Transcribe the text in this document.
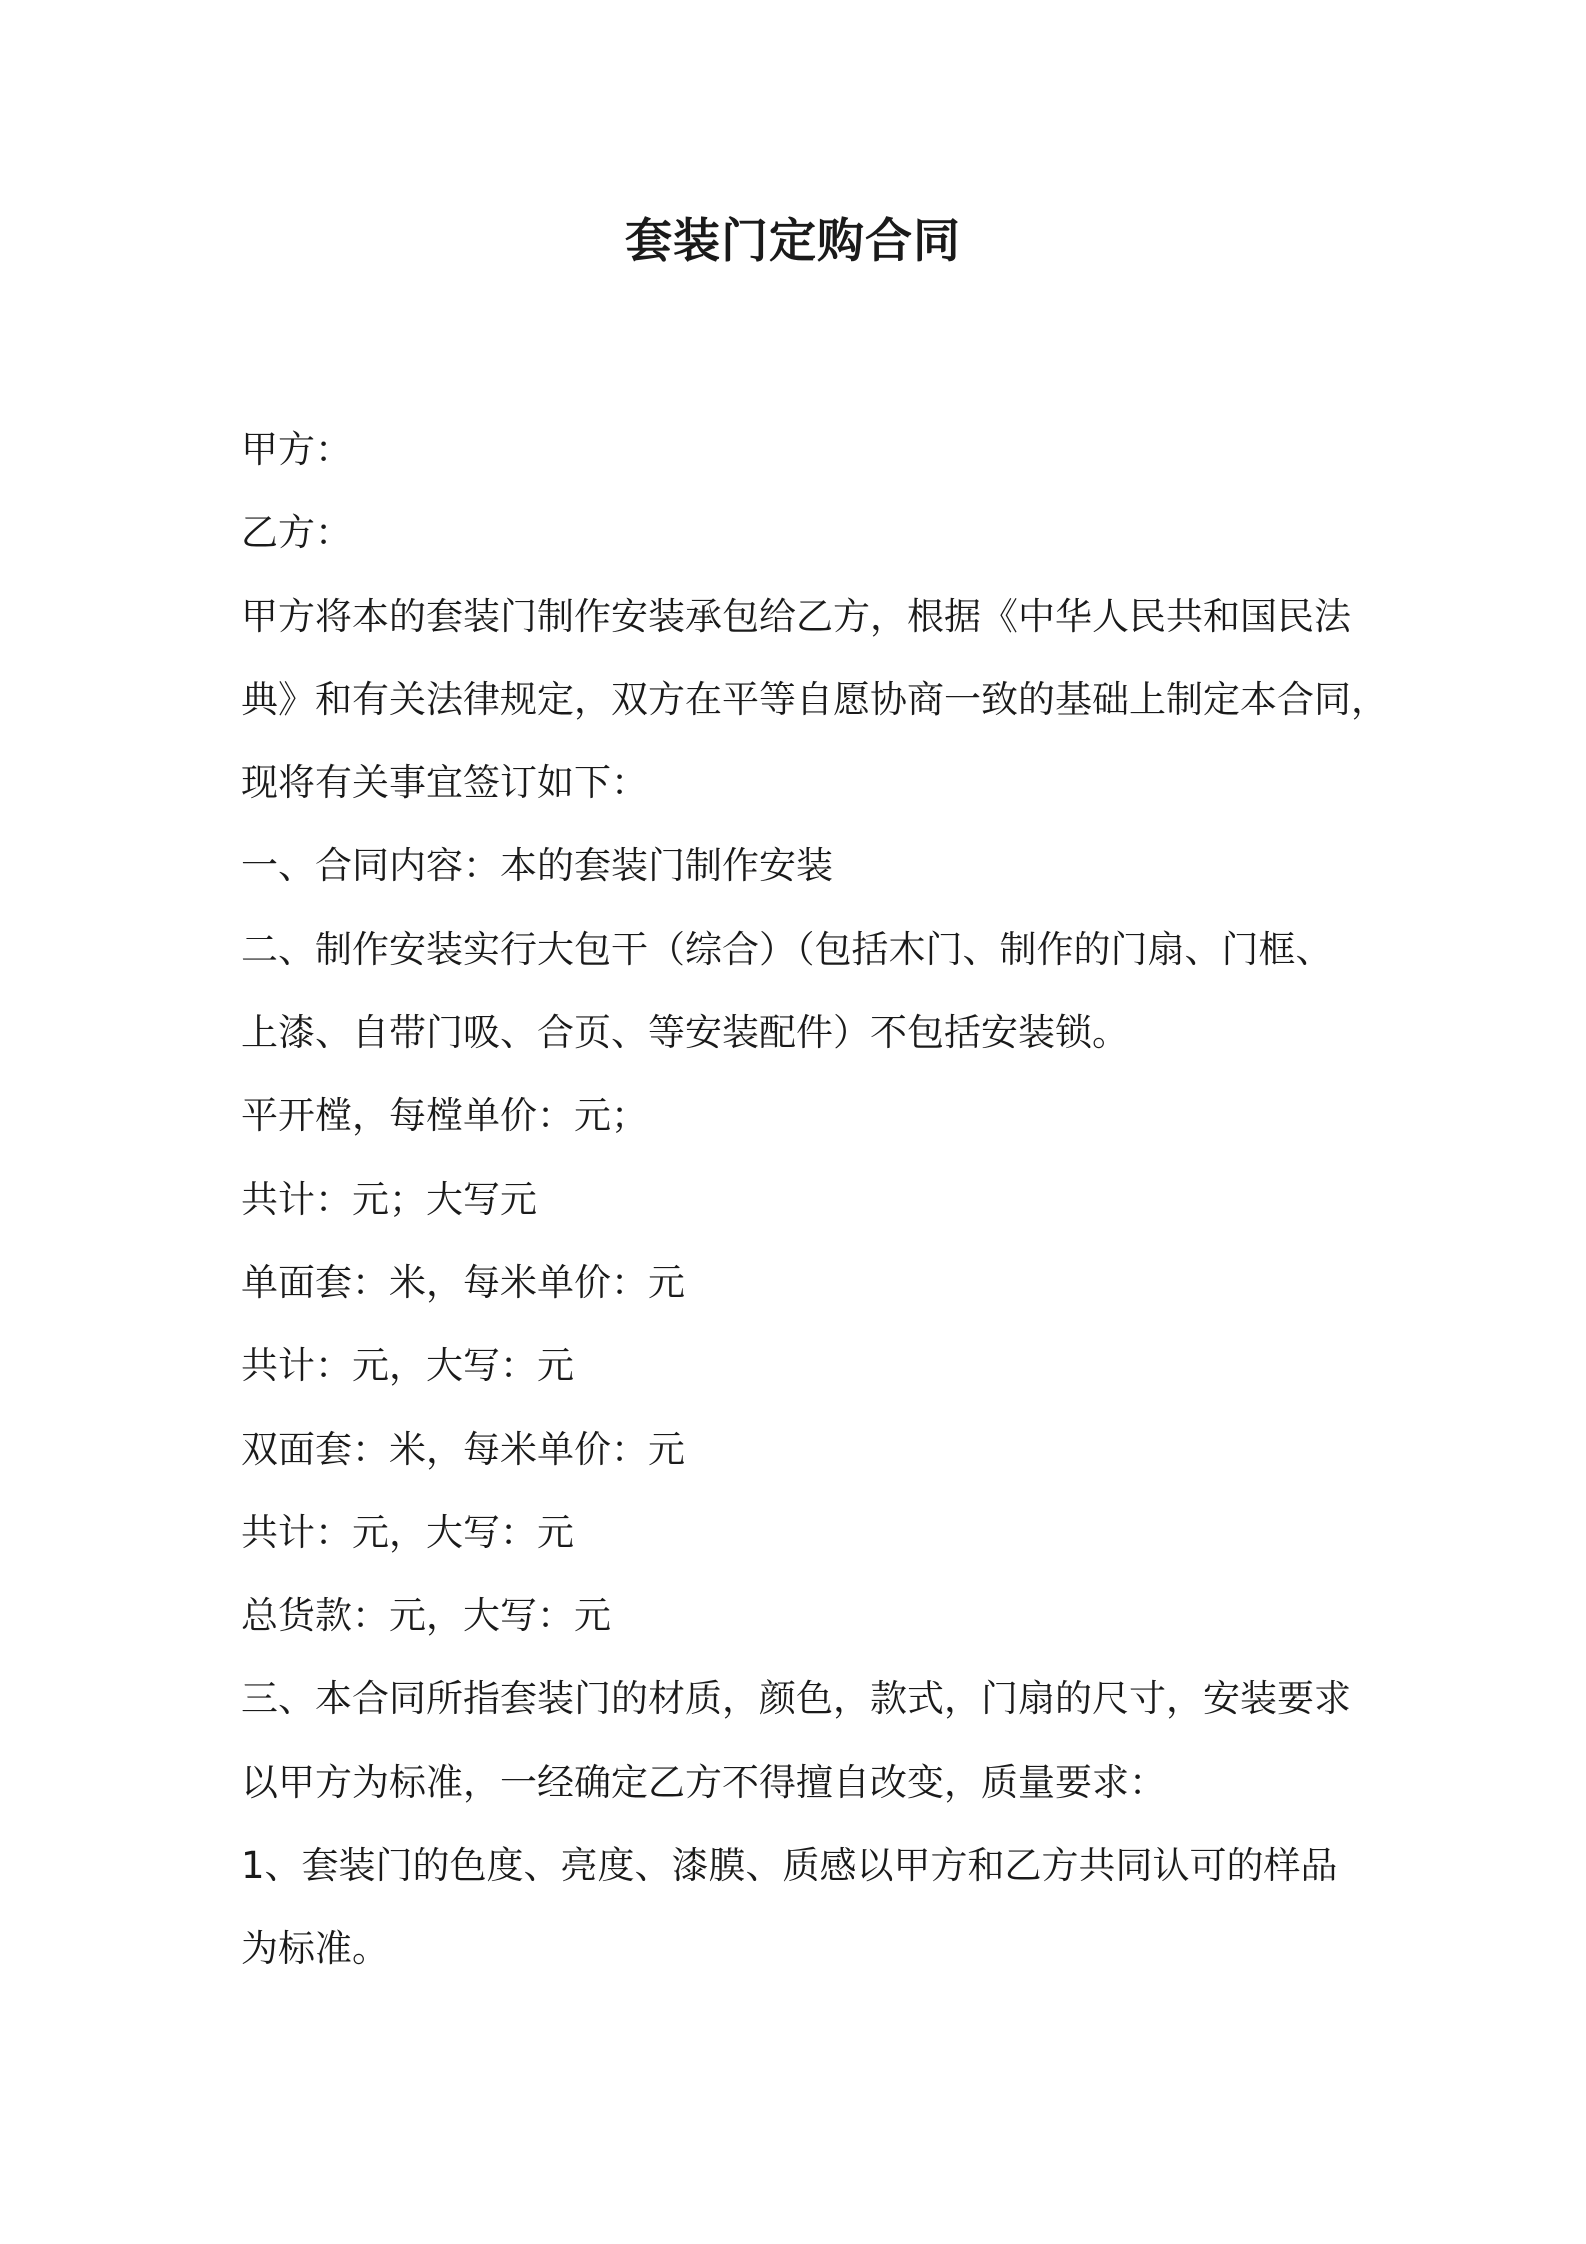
套装门定购合同

甲方：

乙方：

甲方将本的套装门制作安装承包给乙方，根据《中华人民共和国民法

典》和有关法律规定，双方在平等自愿协商一致的基础上制定本合同，

现将有关事宜签订如下：

一、合同内容：本的套装门制作安装

二、制作安装实行大包干（综合）（包括木门、制作的门扇、门框、

上漆、自带门吸、合页、等安装配件）不包括安装锁。

平开樘，每樘单价：元；

共计：元；大写元

单面套：米，每米单价：元

共计：元，大写：元

双面套：米，每米单价：元

共计：元，大写：元

总货款：元，大写：元

三、本合同所指套装门的材质，颜色，款式，门扇的尺寸，安装要求

以甲方为标准，一经确定乙方不得擅自改变，质量要求：

1、套装门的色度、亮度、漆膜、质感以甲方和乙方共同认可的样品

为标准。
